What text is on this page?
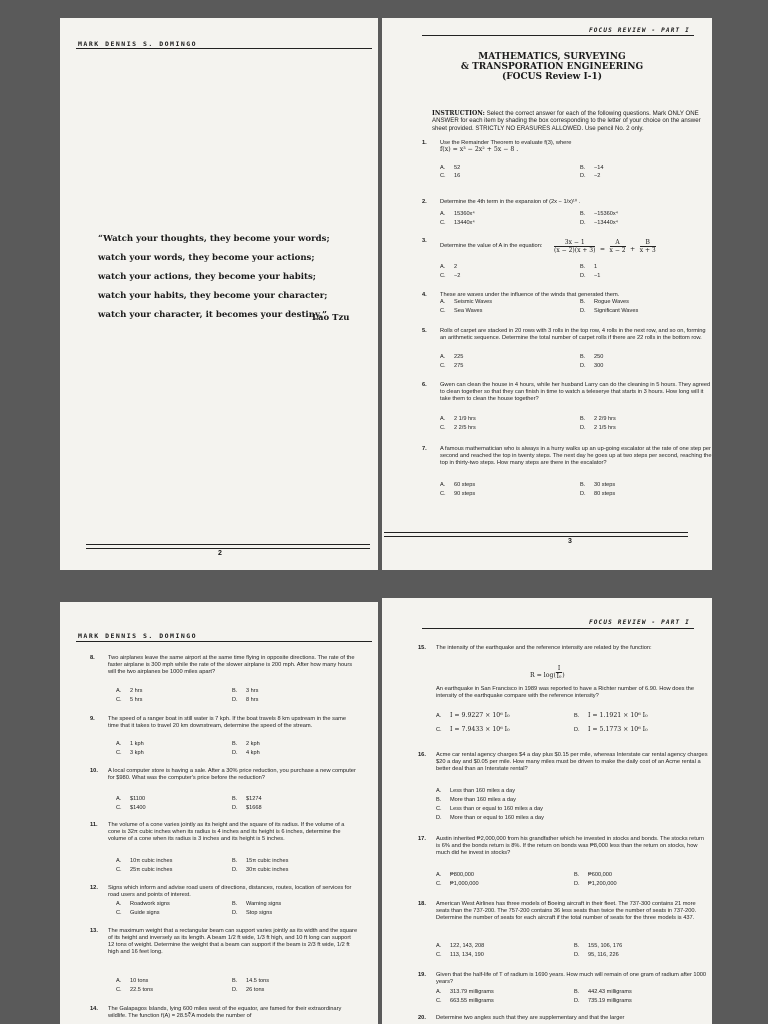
MARK DENNIS S. DOMINGO
“Watch your thoughts, they become your words;
watch your words, they become your actions;
watch your actions, they become your habits;
watch your habits, they become your character;
watch your character, it becomes your destiny.”
Lao Tzu
2
FOCUS REVIEW - PART I
MATHEMATICS, SURVEYING
& TRANSPORATION ENGINEERING
(FOCUS Review I-1)
INSTRUCTION: Select the correct answer for each of the following questions. Mark ONLY ONE ANSWER for each item by shading the box corresponding to the letter of your choice on the answer sheet provided. STRICTLY NO ERASURES ALLOWED. Use pencil No. 2 only.
1. Use the Remainder Theorem to evaluate f(3), where
f(x) = x³ − 2x² + 5x − 8 .
A. 52	B. −14
C. 16	D. −2
2. Determine the 4th term in the expansion of (2x − 1/x)¹⁰ .
A. 15360x⁴	B. −15360x⁴
C. 13440x⁴	D. −13440x⁴
3.
Determine the value of A in the equation:	$\frac{3x - 1}{(x - 2)(x + 3)} = \frac{A}{x - 2} + \frac{B}{x + 3}$
A. 2	B. 1
C. −2	D. −1
4. These are waves under the influence of the winds that generated them.
A. Seismic Waves	B. Rogue Waves
C. Sea Waves	D. Significant Waves
5. Rolls of carpet are stacked in 20 rows with 3 rolls in the top row, 4 rolls in the next row, and so on, forming an arithmetic sequence. Determine the total number of carpet rolls if there are 22 rolls in the bottom row.
A. 225	B. 250
C. 275	D. 300
6. Gwen can clean the house in 4 hours, while her husband Larry can do the cleaning in 5 hours. They agreed to clean together so that they can finish in time to watch a teleserye that starts in 3 hours. How long will it take them to clean the house together?
A. 2 1/9 hrs	B. 2 2/9 hrs
C. 2 2/5 hrs	D. 2 1/5 hrs
7. A famous mathematician who is always in a hurry walks up an up-going escalator at the rate of one step per second and reached the top in twenty steps. The next day he goes up at two steps per second, reaching the top in thirty-two steps. How many steps are there in the escalator?
A. 60 steps	B. 30 steps
C. 90 steps	D. 80 steps
3
MARK DENNIS S. DOMINGO
8. Two airplanes leave the same airport at the same time flying in opposite directions. The rate of the faster airplane is 300 mph while the rate of the slower airplane is 200 mph. After how many hours will the two airplanes be 1000 miles apart?
A. 2 hrs	B. 3 hrs
C. 5 hrs	D. 8 hrs
9. The speed of a ranger boat in still water is 7 kph. If the boat travels 8 km upstream in the same time that it takes to travel 20 km downstream, determine the speed of the stream.
A. 1 kph	B. 2 kph
C. 3 kph	D. 4 kph
10. A local computer store is having a sale. After a 30% price reduction, you purchase a new computer for $980. What was the computer's price before the reduction?
A. $1100	B. $1274
C. $1400	D. $1668
11. The volume of a cone varies jointly as its height and the square of its radius. If the volume of a cone is 32π cubic inches when its radius is 4 inches and its height is 6 inches, determine the volume of a cone when its radius is 3 inches and its height is 5 inches.
A. 10π cubic inches	B. 15π cubic inches
C. 25π cubic inches	D. 30π cubic inches
12. Signs which inform and advise road users of directions, distances, routes, location of services for road users and points of interest.
A. Roadwork signs	B. Warning signs
C. Guide signs	D. Stop signs
13. The maximum weight that a rectangular beam can support varies jointly as its width and the square of its height and inversely as its length. A beam 1/2 ft wide, 1/3 ft high, and 10 ft long can support 12 tons of weight. Determine the weight that a beam can support if the beam is 2/3 ft wide, 1/2 ft high and 16 feet long.
A. 10 tons	B. 14.5 tons
C. 22.5 tons	D. 26 tons
14. The Galapagos Islands, lying 600 miles west of the equator, are famed for their extraordinary wildlife. The function f(A) = 28.5∛A models the number of
FOCUS REVIEW - PART I
15. The intensity of the earthquake and the reference intensity are related by the function:
$R = \log( \frac{I}{\text{I₀}}$ )
An earthquake in San Francisco in 1989 was reported to have a Richter number of 6.90. How does the intensity of the earthquake compare with the reference intensity?
A. I = 9.9227 × 10⁶ I₀	B. I = 1.1921 × 10⁶ I₀
C. I = 7.9433 × 10⁶ I₀	D. I = 5.1773 × 10⁶ I₀
16. Acme car rental agency charges $4 a day plus $0.15 per mile, whereas Interstate car rental agency charges $20 a day and $0.05 per mile. How many miles must be driven to make the daily cost of an Acme rental a better deal than an Interstate rental?
A. Less than 160 miles a day
B. More than 160 miles a day
C. Less than or equal to 160 miles a day
D. More than or equal to 160 miles a day
17. Austin inherited ₱2,000,000 from his grandfather which he invested in stocks and bonds. The stocks return is 6% and the bonds return is 8%. If the return on bonds was ₱8,000 less than the return on stocks, how much did he invest in stocks?
A. ₱800,000	B. ₱600,000
C. ₱1,000,000	D. ₱1,200,000
18. American West Airlines has three models of Boeing aircraft in their fleet. The 737-300 contains 21 more seats than the 737-200. The 757-200 contains 36 less seats than twice the number of seats in 737-200. Determine the number of seats for each aircraft if the total number of seats for the three models is 437.
A. 122, 143, 208	B. 155, 106, 176
C. 113, 134, 190	D. 95, 116, 226
19. Given that the half-life of T of radium is 1690 years. How much will remain of one gram of radium after 1000 years?
A. 313.79 milligrams	B. 442.43 milligrams
C. 663.55 milligrams	D. 735.19 milligrams
20. Determine two angles such that they are supplementary and that the larger
